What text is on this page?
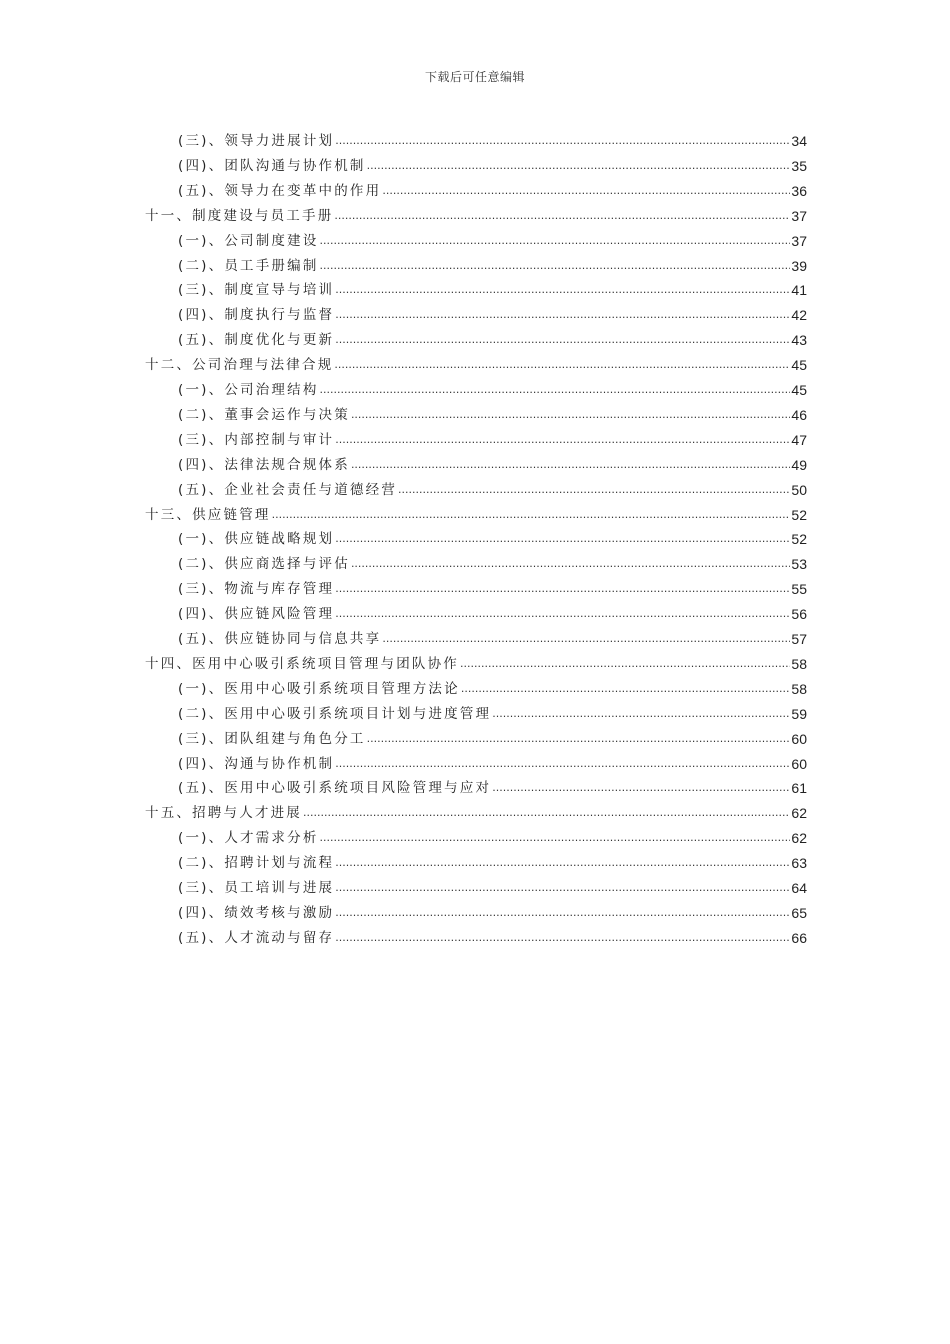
下载后可任意编辑
(三)、领导力进展计划 .....	34
(四)、团队沟通与协作机制 .....	35
(五)、领导力在变革中的作用 .....	36
十一、制度建设与员工手册 .....	37
(一)、公司制度建设 .....	37
(二)、员工手册编制 .....	39
(三)、制度宣导与培训 .....	41
(四)、制度执行与监督 .....	42
(五)、制度优化与更新 .....	43
十二、公司治理与法律合规 .....	45
(一)、公司治理结构 .....	45
(二)、董事会运作与决策 .....	46
(三)、内部控制与审计 .....	47
(四)、法律法规合规体系 .....	49
(五)、企业社会责任与道德经营 .....	50
十三、供应链管理 .....	52
(一)、供应链战略规划 .....	52
(二)、供应商选择与评估 .....	53
(三)、物流与库存管理 .....	55
(四)、供应链风险管理 .....	56
(五)、供应链协同与信息共享 .....	57
十四、医用中心吸引系统项目管理与团队协作 .....	58
(一)、医用中心吸引系统项目管理方法论 .....	58
(二)、医用中心吸引系统项目计划与进度管理 .....	59
(三)、团队组建与角色分工 .....	60
(四)、沟通与协作机制 .....	60
(五)、医用中心吸引系统项目风险管理与应对 .....	61
十五、招聘与人才进展 .....	62
(一)、人才需求分析 .....	62
(二)、招聘计划与流程 .....	63
(三)、员工培训与进展 .....	64
(四)、绩效考核与激励 .....	65
(五)、人才流动与留存 .....	66
